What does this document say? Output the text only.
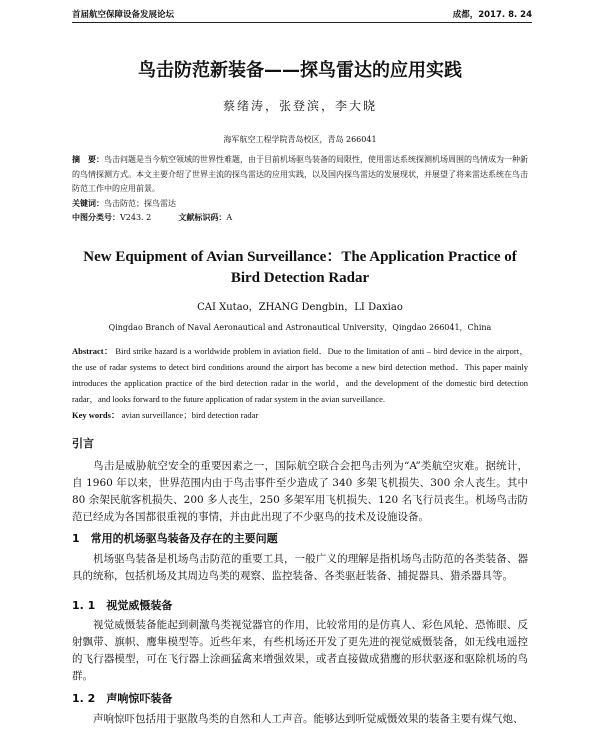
首届航空保障设备发展论坛	成都，2017. 8. 24
鸟击防范新装备——探鸟雷达的应用实践
蔡绪涛，张登滨，李大晓
海军航空工程学院青岛校区，青岛 266041
摘　要：鸟击问题是当今航空领域的世界性难题，由于目前机场驱鸟装备的局限性，使用雷达系统探测机场周围的鸟情成为一种新的鸟情探测方式。本文主要介绍了世界主流的探鸟雷达的应用实践，以及国内探鸟雷达的发展现状，并展望了将来雷达系统在鸟击防范工作中的应用前景。
关键词：鸟击防范；探鸟雷达
中图分类号：V243. 2	文献标识码：A
New Equipment of Avian Surveillance：The Application Practice of
Bird Detection Radar
CAI Xutao，ZHANG Dengbin，LI Daxiao
Qingdao Branch of Naval Aeronautical and Astronautical University，Qingdao 266041，China
Abstract： Bird strike hazard is a worldwide problem in aviation field．Due to the limitation of anti – bird device in the airport，the use of radar systems to detect bird conditions around the airport has become a new bird detection method．This paper mainly introduces the application practice of the bird detection radar in the world，and the development of the domestic bird detection radar，and looks forward to the future application of radar system in the avian surveillance.
Key words： avian surveillance；bird detection radar
引言

鸟击是威胁航空安全的重要因素之一，国际航空联合会把鸟击列为“A”类航空灾难。据统计，自 1960 年以来，世界范围内由于鸟击事件至少造成了 340 多架飞机损失、300 余人丧生。其中 80 余架民航客机损失、200 多人丧生，250 多架军用飞机损失、120 名飞行员丧生。机场鸟击防范已经成为各国都很重视的事情，并由此出现了不少驱鸟的技术及设施设备。

1　常用的机场驱鸟装备及存在的主要问题

机场驱鸟装备是机场鸟击防范的重要工具，一般广义的理解是指机场鸟击防范的各类装备、器具的统称，包括机场及其周边鸟类的观察、监控装备、各类驱赶装备、捕捉器具、猎杀器具等。

1. 1　视觉威慑装备

视觉威慑装备能起到刺激鸟类视觉器官的作用，比较常用的是仿真人、彩色风轮、恐怖眼、反射飘带、旗帜、鹰隼模型等。近些年来，有些机场还开发了更先进的视觉威慑装备，如无线电遥控的飞行器模型，可在飞行器上涂画猛禽来增强效果，或者直接做成猎鹰的形状驱逐和驱除机场的鸟群。

1. 2　声响惊吓装备

声响惊吓包括用于驱散鸟类的自然和人工声音。能够达到听觉威慑效果的装备主要有煤气炮、
